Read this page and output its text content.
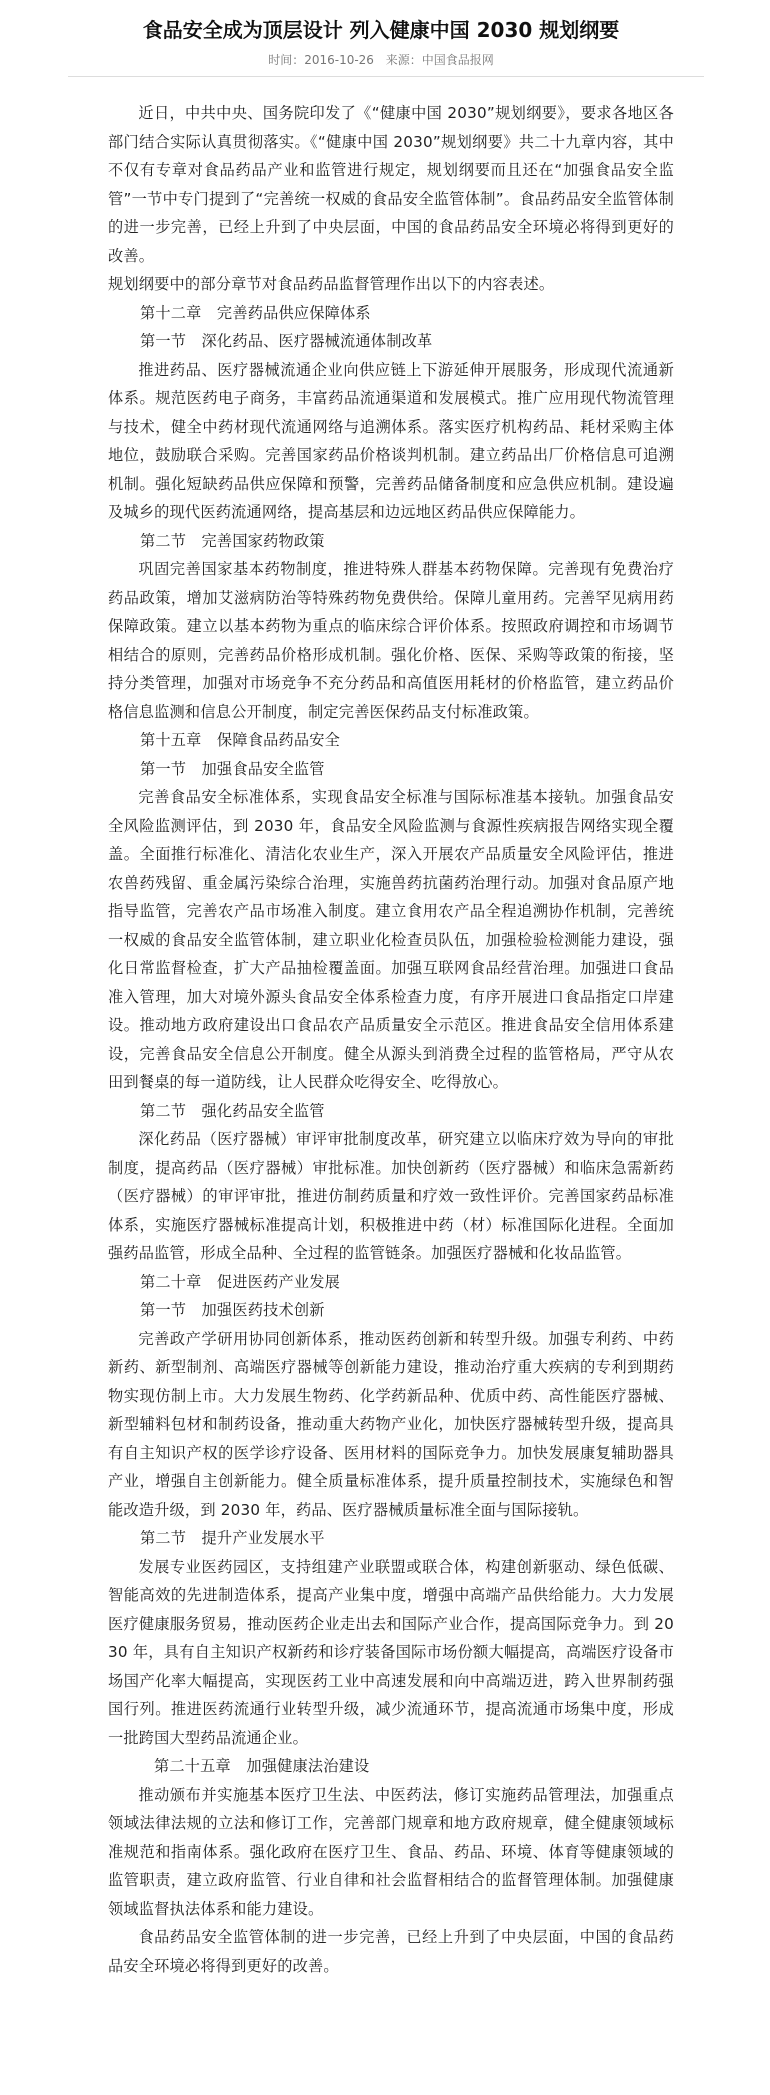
食品安全成为顶层设计 列入健康中国 2030 规划纲要
时间：2016-10-26 来源：中国食品报网

近日，中共中央、国务院印发了《“健康中国 2030”规划纲要》，要求各地区各部门结合实际认真贯彻落实。《“健康中国 2030”规划纲要》共二十九章内容，其中不仅有专章对食品药品产业和监管进行规定，规划纲要而且还在“加强食品安全监管”一节中专门提到了“完善统一权威的食品安全监管体制”。食品药品安全监管体制的进一步完善，已经上升到了中央层面，中国的食品药品安全环境必将得到更好的改善。

规划纲要中的部分章节对食品药品监督管理作出以下的内容表述。

第十二章　完善药品供应保障体系

第一节　深化药品、医疗器械流通体制改革

推进药品、医疗器械流通企业向供应链上下游延伸开展服务，形成现代流通新体系。规范医药电子商务，丰富药品流通渠道和发展模式。推广应用现代物流管理与技术，健全中药材现代流通网络与追溯体系。落实医疗机构药品、耗材采购主体地位，鼓励联合采购。完善国家药品价格谈判机制。建立药品出厂价格信息可追溯机制。强化短缺药品供应保障和预警，完善药品储备制度和应急供应机制。建设遍及城乡的现代医药流通网络，提高基层和边远地区药品供应保障能力。

第二节　完善国家药物政策

巩固完善国家基本药物制度，推进特殊人群基本药物保障。完善现有免费治疗药品政策，增加艾滋病防治等特殊药物免费供给。保障儿童用药。完善罕见病用药保障政策。建立以基本药物为重点的临床综合评价体系。按照政府调控和市场调节相结合的原则，完善药品价格形成机制。强化价格、医保、采购等政策的衔接，坚持分类管理，加强对市场竞争不充分药品和高值医用耗材的价格监管，建立药品价格信息监测和信息公开制度，制定完善医保药品支付标准政策。

第十五章　保障食品药品安全

第一节　加强食品安全监管

完善食品安全标准体系，实现食品安全标准与国际标准基本接轨。加强食品安全风险监测评估，到 2030 年，食品安全风险监测与食源性疾病报告网络实现全覆盖。全面推行标准化、清洁化农业生产，深入开展农产品质量安全风险评估，推进农兽药残留、重金属污染综合治理，实施兽药抗菌药治理行动。加强对食品原产地指导监管，完善农产品市场准入制度。建立食用农产品全程追溯协作机制，完善统一权威的食品安全监管体制，建立职业化检查员队伍，加强检验检测能力建设，强化日常监督检查，扩大产品抽检覆盖面。加强互联网食品经营治理。加强进口食品准入管理，加大对境外源头食品安全体系检查力度，有序开展进口食品指定口岸建设。推动地方政府建设出口食品农产品质量安全示范区。推进食品安全信用体系建设，完善食品安全信息公开制度。健全从源头到消费全过程的监管格局，严守从农田到餐桌的每一道防线，让人民群众吃得安全、吃得放心。

第二节　强化药品安全监管

深化药品（医疗器械）审评审批制度改革，研究建立以临床疗效为导向的审批制度，提高药品（医疗器械）审批标准。加快创新药（医疗器械）和临床急需新药（医疗器械）的审评审批，推进仿制药质量和疗效一致性评价。完善国家药品标准体系，实施医疗器械标准提高计划，积极推进中药（材）标准国际化进程。全面加强药品监管，形成全品种、全过程的监管链条。加强医疗器械和化妆品监管。

第二十章　促进医药产业发展

第一节　加强医药技术创新

完善政产学研用协同创新体系，推动医药创新和转型升级。加强专利药、中药新药、新型制剂、高端医疗器械等创新能力建设，推动治疗重大疾病的专利到期药物实现仿制上市。大力发展生物药、化学药新品种、优质中药、高性能医疗器械、新型辅料包材和制药设备，推动重大药物产业化，加快医疗器械转型升级，提高具有自主知识产权的医学诊疗设备、医用材料的国际竞争力。加快发展康复辅助器具产业，增强自主创新能力。健全质量标准体系，提升质量控制技术，实施绿色和智能改造升级，到 2030 年，药品、医疗器械质量标准全面与国际接轨。

第二节　提升产业发展水平

发展专业医药园区，支持组建产业联盟或联合体，构建创新驱动、绿色低碳、智能高效的先进制造体系，提高产业集中度，增强中高端产品供给能力。大力发展医疗健康服务贸易，推动医药企业走出去和国际产业合作，提高国际竞争力。到 2030 年，具有自主知识产权新药和诊疗装备国际市场份额大幅提高，高端医疗设备市场国产化率大幅提高，实现医药工业中高速发展和向中高端迈进，跨入世界制药强国行列。推进医药流通行业转型升级，减少流通环节，提高流通市场集中度，形成一批跨国大型药品流通企业。

第二十五章　加强健康法治建设

推动颁布并实施基本医疗卫生法、中医药法，修订实施药品管理法，加强重点领域法律法规的立法和修订工作，完善部门规章和地方政府规章，健全健康领域标准规范和指南体系。强化政府在医疗卫生、食品、药品、环境、体育等健康领域的监管职责，建立政府监管、行业自律和社会监督相结合的监督管理体制。加强健康领域监督执法体系和能力建设。

食品药品安全监管体制的进一步完善，已经上升到了中央层面，中国的食品药品安全环境必将得到更好的改善。
